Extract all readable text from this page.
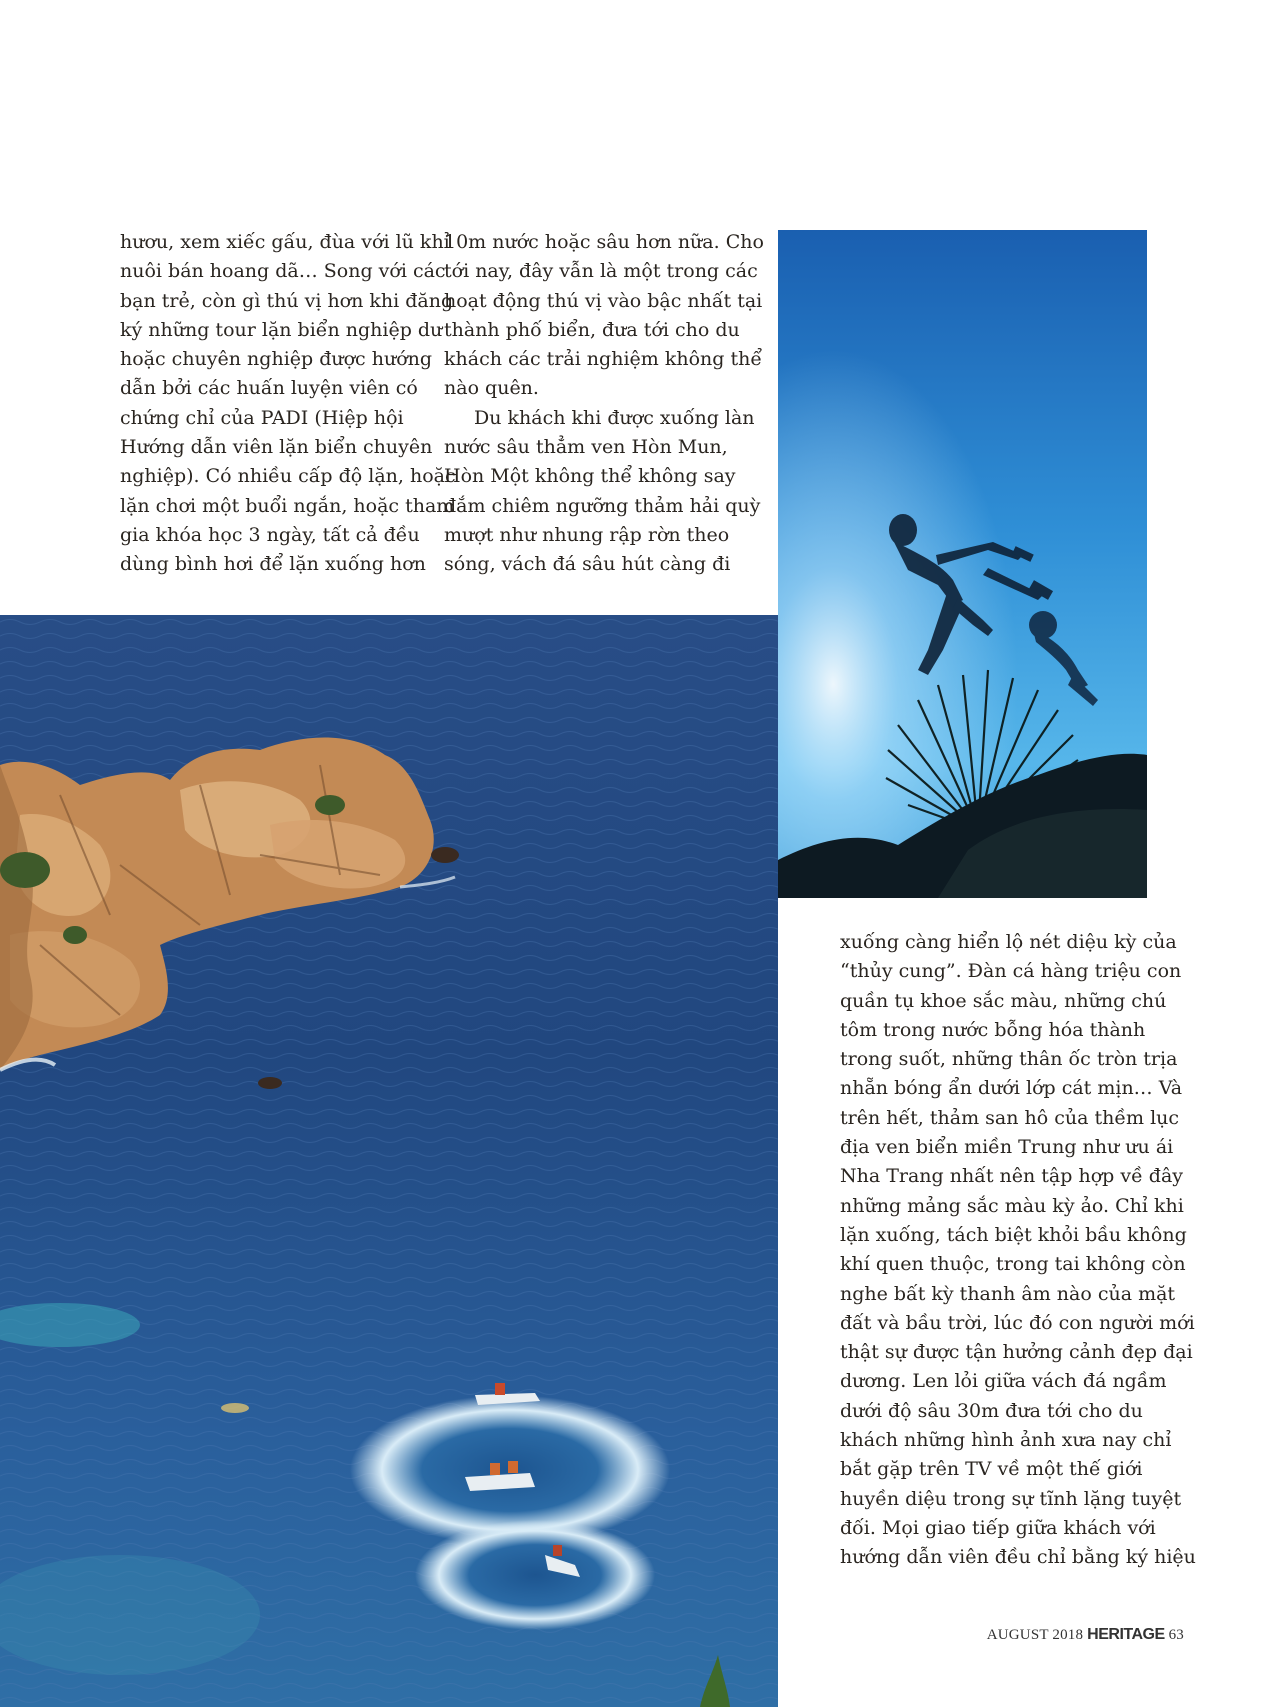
hươu, xem xiếc gấu, đùa với lũ khỉ

nuôi bán hoang dã… Song với các

bạn trẻ, còn gì thú vị hơn khi đăng

ký những tour lặn biển nghiệp dư

hoặc chuyên nghiệp được hướng

dẫn bởi các huấn luyện viên có

chứng chỉ của PADI (Hiệp hội

Hướng dẫn viên lặn biển chuyên

nghiệp). Có nhiều cấp độ lặn, hoặc

lặn chơi một buổi ngắn, hoặc tham

gia khóa học 3 ngày, tất cả đều

dùng bình hơi để lặn xuống hơn

10m nước hoặc sâu hơn nữa. Cho

tới nay, đây vẫn là một trong các

hoạt động thú vị vào bậc nhất tại

thành phố biển, đưa tới cho du

khách các trải nghiệm không thể

nào quên.

Du khách khi được xuống làn

nước sâu thẳm ven Hòn Mun,

Hòn Một không thể không say

đắm chiêm ngưỡng thảm hải quỳ

mượt như nhung rập rờn theo

sóng, vách đá sâu hút càng đi

xuống càng hiển lộ nét diệu kỳ của

“thủy cung”. Đàn cá hàng triệu con

quần tụ khoe sắc màu, những chú

tôm trong nước bỗng hóa thành

trong suốt, những thân ốc tròn trịa

nhẵn bóng ẩn dưới lớp cát mịn… Và

trên hết, thảm san hô của thềm lục

địa ven biển miền Trung như ưu ái

Nha Trang nhất nên tập hợp về đây

những mảng sắc màu kỳ ảo. Chỉ khi

lặn xuống, tách biệt khỏi bầu không

khí quen thuộc, trong tai không còn

nghe bất kỳ thanh âm nào của mặt

đất và bầu trời, lúc đó con người mới

thật sự được tận hưởng cảnh đẹp đại

dương. Len lỏi giữa vách đá ngầm

dưới độ sâu 30m đưa tới cho du

khách những hình ảnh xưa nay chỉ

bắt gặp trên TV về một thế giới

huyền diệu trong sự tĩnh lặng tuyệt

đối. Mọi giao tiếp giữa khách với

hướng dẫn viên đều chỉ bằng ký hiệu

AUGUST 2018 HERITAGE 63
